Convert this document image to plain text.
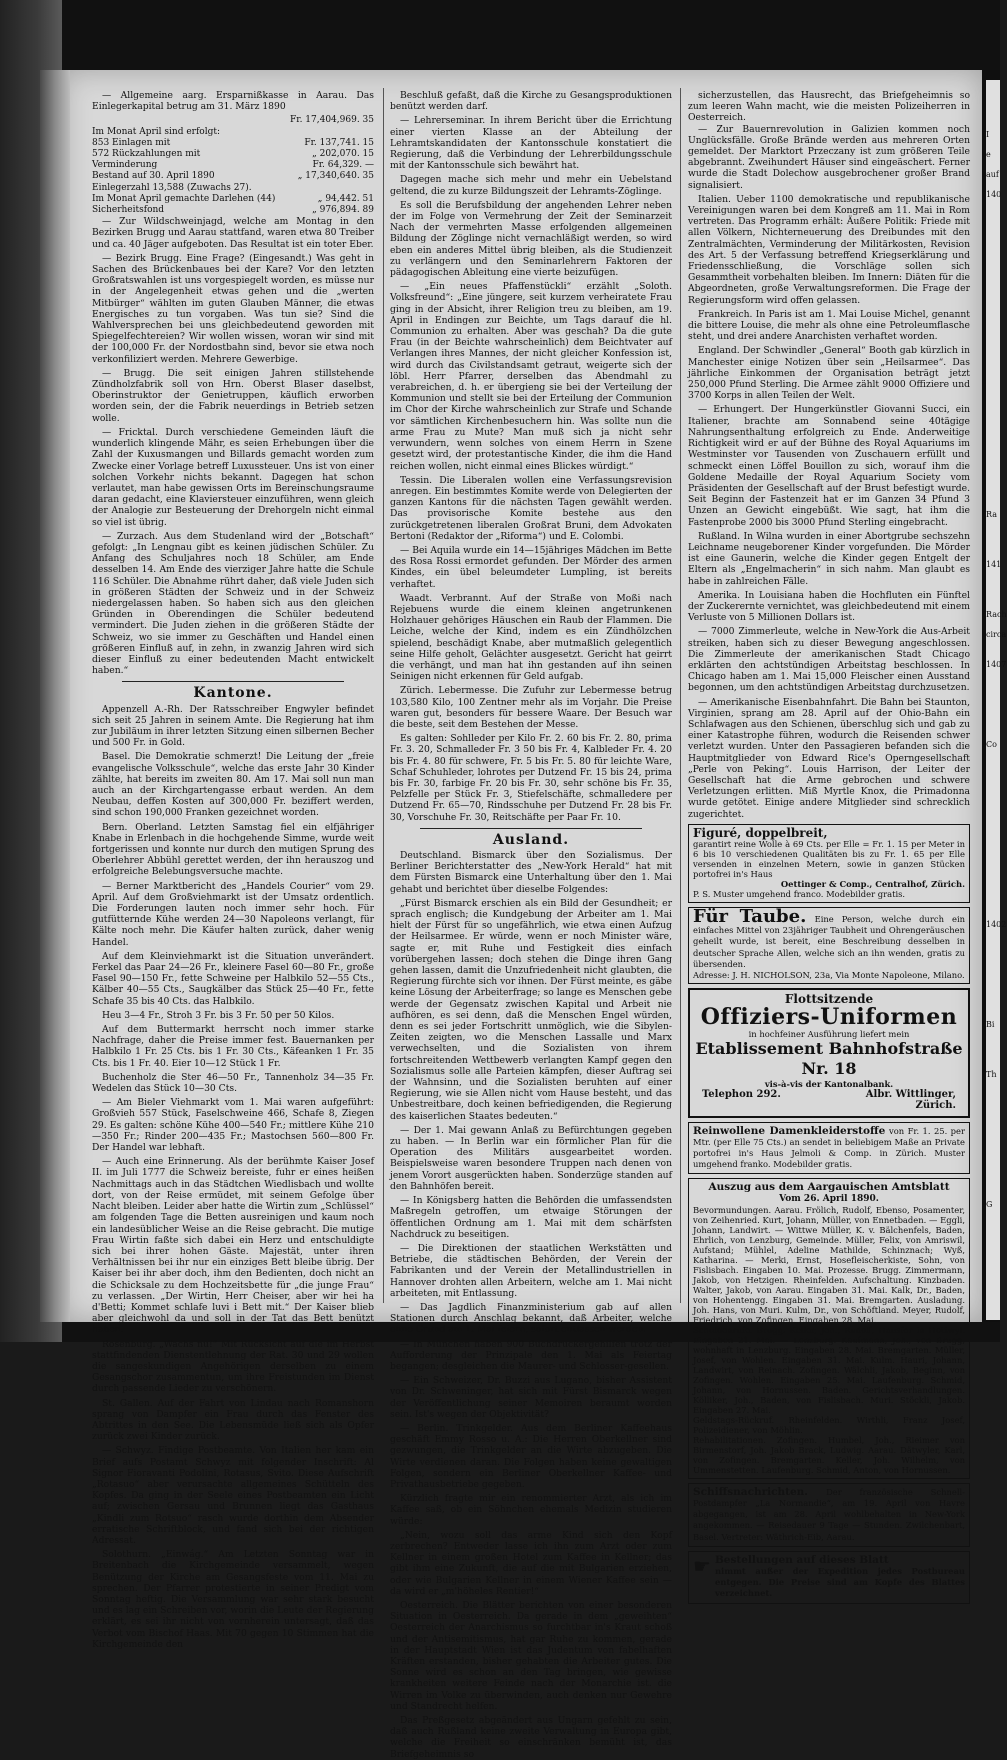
— Allgemeine aarg. Ersparnißkasse in Aarau. Das Einlegerkapital betrug am 31. März 1890

	Fr. 17,404,969. 35
Im Monat April sind erfolgt:	
853 Einlagen mit	Fr. 137,741. 15
572 Rückzahlungen mit	„ 202,070. 15
Verminderung	Fr. 64,329. —
Bestand auf 30. April 1890	„ 17,340,640. 35
Einlegerzahl 13,588 (Zuwachs 27).	
Im Monat April gemachte Darlehen (44)	„ 94,442. 51
Sicherheitsfond	„ 976,894. 89

— Zur Wildschweinjagd, welche am Montag in den Bezirken Brugg und Aarau stattfand, waren etwa 80 Treiber und ca. 40 Jäger aufgeboten. Das Resultat ist ein toter Eber.

— Bezirk Brugg. Eine Frage? (Eingesandt.) Was geht in Sachen des Brückenbaues bei der Kare? Vor den letzten Großratswahlen ist uns vorgespiegelt worden, es müsse nur in der Angelegenheit etwas gehen und die „werten Mitbürger“ wählten im guten Glauben Männer, die etwas Energisches zu tun vorgaben. Was tun sie? Sind die Wahlversprechen bei uns gleichbedeutend geworden mit Spiegelfechtereien? Wir wollen wissen, woran wir sind mit der 100,000 Fr. der Nordostbahn sind, bevor sie etwa noch verkonfiliziert werden. Mehrere Gewerbige.

— Brugg. Die seit einigen Jahren stillstehende Zündholzfabrik soll von Hrn. Oberst Blaser daselbst, Oberinstruktor der Genietruppen, käuflich erworben worden sein, der die Fabrik neuerdings in Betrieb setzen wolle.

— Fricktal. Durch verschiedene Gemeinden läuft die wunderlich klingende Mähr, es seien Erhebungen über die Zahl der Kuxusmangen und Billards gemacht worden zum Zwecke einer Vorlage betreff Luxussteuer. Uns ist von einer solchen Vorkehr nichts bekannt. Dagegen hat schon verlautet, man habe gewissen Orts im Bereinschungsraume daran gedacht, eine Klaviersteuer einzuführen, wenn gleich der Analogie zur Besteuerung der Drehorgeln nicht einmal so viel ist übrig.

— Zurzach. Aus dem Studenland wird der „Botschaft“ gefolgt: „In Lengnau gibt es keinen jüdischen Schüler. Zu Anfang des Schuljahres noch 18 Schüler, am Ende desselben 14. Am Ende des vierziger Jahre hatte die Schule 116 Schüler. Die Abnahme rührt daher, daß viele Juden sich in größeren Städten der Schweiz und in der Schweiz niedergelassen haben. So haben sich aus den gleichen Gründen in Oberendingen die Schüler bedeutend vermindert. Die Juden ziehen in die größeren Städte der Schweiz, wo sie immer zu Geschäften und Handel einen größeren Einfluß auf, in zehn, in zwanzig Jahren wird sich dieser Einfluß zu einer bedeutenden Macht entwickelt haben.“

Kantone.

Appenzell A.-Rh. Der Ratsschreiber Engwyler befindet sich seit 25 Jahren in seinem Amte. Die Regierung hat ihm zur Jubiläum in ihrer letzten Sitzung einen silbernen Becher und 500 Fr. in Gold.

Basel. Die Demokratie schmerzt! Die Leitung der „freie evangelische Volksschule“, welche das erste Jahr 30 Kinder zählte, hat bereits im zweiten 80. Am 17. Mai soll nun man auch an der Kirchgartengasse erbaut werden. An dem Neubau, deffen Kosten auf 300,000 Fr. beziffert werden, sind schon 190,000 Franken gezeichnet worden.

Bern. Oberland. Letzten Samstag fiel ein elfjähriger Knabe in Erlenbach in die hochgehende Simme, wurde weit fortgerissen und konnte nur durch den mutigen Sprung des Oberlehrer Abbühl gerettet werden, der ihn herauszog und erfolgreiche Belebungsversuche machte.

— Berner Marktbericht des „Handels Courier“ vom 29. April. Auf dem Großviehmarkt ist der Umsatz ordentlich. Die Forderungen lauten noch immer sehr hoch. Für gutfütternde Kühe werden 24—30 Napoleons verlangt, für Kälte noch mehr. Die Käufer halten zurück, daher wenig Handel.

Auf dem Kleinviehmarkt ist die Situation unverändert. Ferkel das Paar 24—26 Fr., kleinere Fasel 60—80 Fr., große Fasel 90—150 Fr., fette Schweine per Halbkilo 52—55 Cts., Kälber 40—55 Cts., Saugkälber das Stück 25—40 Fr., fette Schafe 35 bis 40 Cts. das Halbkilo.

Heu 3—4 Fr., Stroh 3 Fr. bis 3 Fr. 50 per 50 Kilos.

Auf dem Buttermarkt herrscht noch immer starke Nachfrage, daher die Preise immer fest. Bauernanken per Halbkilo 1 Fr. 25 Cts. bis 1 Fr. 30 Cts., Käfeanken 1 Fr. 35 Cts. bis 1 Fr. 40. Eier 10—12 Stück 1 Fr.

Buchenholz die Ster 46—50 Fr., Tannenholz 34—35 Fr. Wedelen das Stück 10—30 Cts.

— Am Bieler Viehmarkt vom 1. Mai waren aufgeführt: Großvieh 557 Stück, Faselschweine 466, Schafe 8, Ziegen 29. Es galten: schöne Kühe 400—540 Fr.; mittlere Kühe 210—350 Fr.; Rinder 200—435 Fr.; Mastochsen 560—800 Fr. Der Handel war lebhaft.

— Auch eine Erinnerung. Als der berühmte Kaiser Josef II. im Juli 1777 die Schweiz bereiste, fuhr er eines heißen Nachmittags auch in das Städtchen Wiedlisbach und wollte dort, von der Reise ermüdet, mit seinem Gefolge über Nacht bleiben. Leider aber hatte die Wirtin zum „Schlüssel“ am folgenden Tage die Betten ausreinigen und kaum noch ein landesüblicher Weise an die Reise gebracht. Die mutige Frau Wirtin faßte sich dabei ein Herz und entschuldigte sich bei ihrer hohen Gäste. Majestät, unter ihren Verhältnissen bei ihr nur ein einziges Bett bleibe übrig. Der Kaiser bei ihr aber doch, ihm den Bedienten, doch nicht an die Schicksale zu dem Hochzeitsbette für „die junge Frau“ zu verlassen. „Der Wirtin, Herr Cheiser, aber wir hei ha d'Betti; Kommet schlafe luvi i Bett mit.“ Der Kaiser blieb aber gleichwohl da und soll in der Tat das Bett benützt haben.

Rosenburg. „Wachs nu!“ Mit Rücksicht auf die im Herbst stattfindenden Dienstentlehnung der Rat. 30 und 29 wollen die sangeskundigen Angehörigen derselben zu einem Gesangschor zusammentun, um ihre Freistunden im Dienst durch passende Lieder zu verschönern.

St. Gallen. Auf der Fahrt von Lindau nach Romanshorn sprang von Dampfer ein Frau durch das Fenster des Abtrittes in den See. Die Lebensmüde ließ sich als Opfer zurück zwei Kinder zurück.

— Schwyz. Findige Postbeamte. Von Italien her kam ein Brief aufs Postamt Schwyz mit folgender Inschrift: Al Signor Fioravanti Podolini, Rotasus, Svito. Diese Aufschrift „Rotasuo“ aber verursachte allgemeines Schütteln des Kopfes. Da ging in der Seele eines Postbeamten ein Licht auf; zwischen Gersau und Brunnen liegt das Gasthaus „Kindli zum Rotsuo“ rasch wurde dorthin dem Absender erratische Schriftblock, und fand sich bei der richtigen Adressat.

Solothurn. „Einwág.“ Am Letzten Sonntag war in Breitenbach die Kirchgemeinde versammelt, wegen Benützung der Kirche am Gesangsfeste vom 11. Mai zu sprechen. Der Pfarrer protestierte in seiner Predigt vom Sonntag heftig. Die Versammlung war sehr stark besucht und es lag ein Schreiben vor, worin die Leute der Regierung erklärt, es sei ihr nicht von vornherein untersagt, daß das Verbot vom Bischof Haas. Mit 70 gegen 10 Stimmen hat die Kirchgemeinde den

Beschluß gefaßt, daß die Kirche zu Gesangsproduktionen benützt werden darf.

— Lehrerseminar. In ihrem Bericht über die Errichtung einer vierten Klasse an der Abteilung der Lehramtskandidaten der Kantonsschule konstatiert die Regierung, daß die Verbindung der Lehrerbildungsschule mit der Kantonsschule sich bewährt hat.

Dagegen mache sich mehr und mehr ein Uebelstand geltend, die zu kurze Bildungszeit der Lehramts-Zöglinge.

Es soll die Berufsbildung der angehenden Lehrer neben der im Folge von Vermehrung der Zeit der Seminarzeit Nach der vermehrten Masse erfolgenden allgemeinen Bildung der Zöglinge nicht vernachläßigt werden, so wird eben ein anderes Mittel übrig bleiben, als die Studienzeit zu verlängern und den Seminarlehrern Faktoren der pädagogischen Ableitung eine vierte beizufügen.

— „Ein neues Pfaffenstückli“ erzählt „Soloth. Volksfreund“: „Eine jüngere, seit kurzem verheiratete Frau ging in der Absicht, ihrer Religion treu zu bleiben, am 19. April in Endingen zur Beichte, um Tags darauf die hl. Communion zu erhalten. Aber was geschah? Da die gute Frau (in der Beichte wahrscheinlich) dem Beichtvater auf Verlangen ihres Mannes, der nicht gleicher Konfession ist, wird durch das Civilstandsamt getraut, weigerte sich der löbl. Herr Pfarrer, derselben das Abendmahl zu verabreichen, d. h. er übergieng sie bei der Verteilung der Kommunion und stellt sie bei der Erteilung der Communion im Chor der Kirche wahrscheinlich zur Strafe und Schande vor sämtlichen Kirchenbesuchern hin. Was sollte nun die arme Frau zu Mute? Man muß sich ja nicht sehr verwundern, wenn solches von einem Herrn in Szene gesetzt wird, der protestantische Kinder, die ihm die Hand reichen wollen, nicht einmal eines Blickes würdigt.“

Tessin. Die Liberalen wollen eine Verfassungsrevision anregen. Ein bestimmtes Komite werde von Delegierten der ganzen Kantons für die nächsten Tagen gewählt werden. Das provisorische Komite bestehe aus den zurückgetretenen liberalen Großrat Bruni, dem Advokaten Bertoni (Redaktor der „Riforma“) und E. Colombi.

— Bei Aquila wurde ein 14—15jähriges Mädchen im Bette des Rosa Rossi ermordet gefunden. Der Mörder des armen Kindes, ein übel beleumdeter Lumpling, ist bereits verhaftet.

Waadt. Verbrannt. Auf der Straße von Moßi nach Rejebuens wurde die einem kleinen angetrunkenen Holzhauer gehöriges Häuschen ein Raub der Flammen. Die Leiche, welche der Kind, indem es ein Zündhölzchen spielend, beschädigt Knabe, aber mutmaßlich gelegentlich seine Hilfe geholt, Gelächter ausgesetzt. Gericht hat geirrt die verhängt, und man hat ihn gestanden auf ihn seinen Seinigen nicht erkennen für Geld aufgab.

Zürich. Lebermesse. Die Zufuhr zur Lebermesse betrug 103,580 Kilo, 100 Zentner mehr als im Vorjahr. Die Preise waren gut, besonders für bessere Waare. Der Besuch war die beste, seit dem Bestehen der Messe.

Es galten: Sohlleder per Kilo Fr. 2. 60 bis Fr. 2. 80, prima Fr. 3. 20, Schmalleder Fr. 3 50 bis Fr. 4, Kalbleder Fr. 4. 20 bis Fr. 4. 80 für schwere, Fr. 5 bis Fr. 5. 80 für leichte Ware, Schaf Schuhleder, lohrotes per Dutzend Fr. 15 bis 24, prima bis Fr. 30, farbige Fr. 20 bis Fr. 30, sehr schöne bis Fr. 35, Pelzfelle per Stück Fr. 3, Stiefelschäfte, schmalledere per Dutzend Fr. 65—70, Rindsschuhe per Dutzend Fr. 28 bis Fr. 30, Vorschuhe Fr. 30, Reitschäfte per Paar Fr. 10.

Ausland.

Deutschland. Bismarck über den Sozialismus. Der Berliner Berichterstatter des „New-York Herald“ hat mit dem Fürsten Bismarck eine Unterhaltung über den 1. Mai gehabt und berichtet über dieselbe Folgendes:

„Fürst Bismarck erschien als ein Bild der Gesundheit; er sprach englisch; die Kundgebung der Arbeiter am 1. Mai hielt der Fürst für so ungefährlich, wie etwa einen Aufzug der Heilsarmee. Er würde, wenn er noch Minister wäre, sagte er, mit Ruhe und Festigkeit dies einfach vorübergehen lassen; doch stehen die Dinge ihren Gang gehen lassen, damit die Unzufriedenheit nicht glaubten, die Regierung fürchte sich vor ihnen. Der Fürst meinte, es gäbe keine Lösung der Arbeiterfrage; so lange es Menschen gebe werde der Gegensatz zwischen Kapital und Arbeit nie aufhören, es sei denn, daß die Menschen Engel würden, denn es sei jeder Fortschritt unmöglich, wie die Sibylen-Zeiten zeigten, wo die Menschen Lassalle und Marx verwechselten, und die Sozialisten von ihrem fortschreitenden Wettbewerb verlangten Kampf gegen den Sozialismus solle alle Parteien kämpfen, dieser Auftrag sei der Wahnsinn, und die Sozialisten beruhten auf einer Regierung, wie sie Allen nicht vom Hause besteht, und das Unbestreitbare, doch keinen befriedigenden, die Regierung des kaiserlichen Staates bedeuten.“

— Der 1. Mai gewann Anlaß zu Befürchtungen gegeben zu haben. — In Berlin war ein förmlicher Plan für die Operation des Militärs ausgearbeitet worden. Beispielsweise waren besondere Truppen nach denen von jenem Vorort ausgerückten haben. Sonderzüge standen auf den Bahnhöfen bereit.

— In Königsberg hatten die Behörden die umfassendsten Maßregeln getroffen, um etwaige Störungen der öffentlichen Ordnung am 1. Mai mit dem schärfsten Nachdruck zu beseitigen.

— Die Direktionen der staatlichen Werkstätten und Betriebe, die städtischen Behörden, der Verein der Fabrikanten und der Verein der Metallindustriellen in Hannover drohten allen Arbeitern, welche am 1. Mai nicht arbeiteten, mit Entlassung.

— Das Jagdlich Finanzministerium gab auf allen Stationen durch Anschlag bekannt, daß Arbeiter, welche ohne Grund am 1. Mai feiern, sofort entlassen werden.

— In München haben 900 Buchdruckergehilfen trotz der Aufforderung der Prinzipale den 1. Mai als Feiertag begangen; desgleichen die Maurer- und Schlosser-gesellen.

— Ein Schweizer, Dr. Buzzi aus Lugano, bisher Assistent von Dr. Schweninger, hat sich mit Fürst Bismarck wegen der Veröffentlichung seiner Memoiren beraumt worden sein. Ist's wegen der Objektivität?

— Berlin. Trinkgelder. Aus dem Berliner Kaffeehaus geschäft Emmy Rosso u. A.: Die Herren Oberkellner sind gezwungen, die Trinkgelder an die Wirte abzugeben. Die Wirte verdienen daran. Die Folgen haben keine gewaltigen Folgen, sondern ein Berliner Oberkellner Kaffee- und Privathausbetriebe gegeben.

Kürzlich fragte mir ein renommierter Arzt, als ich im Kaffee saß, ob ein Söhnchen ehemals Medizin studieren würde:

„Nein, wozu soll das arme Kind sich den Kopf zerbrechen? Entweder lasse ich ihn zum Arzt oder zum Kellner in einem großen Hotel zum Kaffee in Kellner; das gibt ihm eine Zukunft, die auf die mit Bulgarien erziehen, oder wie Bulgarien Kellner in einem Wiener Kaffee sein — da wird er „m'höheles Rentier!“

Oesterreich. Die Blätter berichten von einer besonderen Situation in Oesterreich. Da gerade in dem „geweihten“ Oesterreich der Anarchismus so furchtbar in's Kraut schoß und der Antisemitismus, hat gar Ruhe zu kommen, gerade in der Hauptstadt Wien ist das Judentum von fabelhaften Kräften erstanden, bisher gehabten die Arbeiter gutes. Die Sonne wird es schon an den Tag bringen, wie gewisse krankheiten weitere Feinde nach der Monarchie ist. die Wirren im Volke zu überwinden, auch denken nur Gewehre und Standrecht helfen.

Das Preßgesetz abgeändert aus Ungarn gefehlt zu sein, daß auch Rußland keine zweite Verwaltung in Europa gibt, welche die Freiheit so einschränken bemüht ist, das Briefgeheimnis so

sicherzustellen, das Hausrecht, das Briefgeheimnis so zum leeren Wahn macht, wie die meisten Polizeiherren in Oesterreich.

— Zur Bauernrevolution in Galizien kommen noch Unglücksfälle. Große Brände werden aus mehreren Orten gemeldet. Der Marktort Przeczany ist zum größeren Teile abgebrannt. Zweihundert Häuser sind eingeäschert. Ferner wurde die Stadt Dolechow ausgebrochener großer Brand signalisiert.

Italien. Ueber 1100 demokratische und republikanische Vereinigungen waren bei dem Kongreß am 11. Mai in Rom vertreten. Das Programm erhält: Äußere Politik: Friede mit allen Völkern, Nichterneuerung des Dreibundes mit den Zentralmächten, Verminderung der Militärkosten, Revision des Art. 5 der Verfassung betreffend Kriegserklärung und Friedensschließung, die Vorschläge sollen sich Gesammtheit vorbehalten bleiben. Im Innern: Diäten für die Abgeordneten, große Verwaltungsreformen. Die Frage der Regierungsform wird offen gelassen.

Frankreich. In Paris ist am 1. Mai Louise Michel, genannt die bittere Louise, die mehr als ohne eine Petroleumflasche steht, und drei andere Anarchisten verhaftet worden.

England. Der Schwindler „General“ Booth gab kürzlich in Manchester einige Notizen über sein „Heilsarmee“. Das jährliche Einkommen der Organisation beträgt jetzt 250,000 Pfund Sterling. Die Armee zählt 9000 Offiziere und 3700 Korps in allen Teilen der Welt.

— Erhungert. Der Hungerkünstler Giovanni Succi, ein Italiener, brachte am Sonnabend seine 40tägige Nahrungsenthaltung erfolgreich zu Ende. Anderweitige Richtigkeit wird er auf der Bühne des Royal Aquariums im Westminster vor Tausenden von Zuschauern erfüllt und schmeckt einen Löffel Bouillon zu sich, worauf ihm die Goldene Medaille der Royal Aquarium Society vom Präsidenten der Gesellschaft auf der Brust befestigt wurde. Seit Beginn der Fastenzeit hat er im Ganzen 34 Pfund 3 Unzen an Gewicht eingebüßt. Wie sagt, hat ihm die Fastenprobe 2000 bis 3000 Pfund Sterling eingebracht.

Rußland. In Wilna wurden in einer Abortgrube sechszehn Leichname neugeborener Kinder vorgefunden. Die Mörder ist eine Gaunerin, welche die Kinder gegen Entgelt der Eltern als „Engelmacherin“ in sich nahm. Man glaubt es habe in zahlreichen Fälle.

Amerika. In Louisiana haben die Hochfluten ein Fünftel der Zuckerernte vernichtet, was gleichbedeutend mit einem Verluste von 5 Millionen Dollars ist.

— 7000 Zimmerleute, welche in New-York die Aus-Arbeit streiken, haben sich zu dieser Bewegung angeschlossen. Die Zimmerleute der amerikanischen Stadt Chicago erklärten den achtstündigen Arbeitstag beschlossen. In Chicago haben am 1. Mai 15,000 Fleischer einen Ausstand begonnen, um den achtstündigen Arbeitstag durchzusetzen.

— Amerikanische Eisenbahnfahrt. Die Bahn bei Staunton, Virginien, sprang am 28. April auf der Ohio-Bahn ein Schlafwagen aus den Schienen, überschlug sich und gab zu einer Katastrophe führen, wodurch die Reisenden schwer verletzt wurden. Unter den Passagieren befanden sich die Hauptmitglieder von Edward Rice's Operngesellschaft „Perle von Peking“. Louis Harrison, der Leiter der Gesellschaft hat die Arme gebrochen und schwere Verletzungen erlitten. Miß Myrtle Knox, die Primadonna wurde getötet. Einige andere Mitglieder sind schrecklich zugerichtet.

Figuré, doppelbreit,
garantirt reine Wolle à 69 Cts. per Elle = Fr. 1. 15 per Meter in 6 bis 10 verschiedenen Qualitäten bis zu Fr. 1. 65 per Elle versenden in einzelnen Metern, sowie in ganzen Stücken portofrei in's Haus
Oettinger & Comp., Centralhof, Zürich.
P. S. Muster umgehend franco. Modebilder gratis.
Für Taube. Eine Person, welche durch ein einfaches Mittel von 23jähriger Taubheit und Ohrengeräuschen geheilt wurde, ist bereit, eine Beschreibung desselben in deutscher Sprache Allen, welche sich an ihn wenden, gratis zu übersenden.
Adresse: J. H. NICHOLSON, 23a, Via Monte Napoleone, Milano.
Flottsitzende
Offiziers-Uniformen
in hochfeiner Ausführung liefert mein
Etablissement Bahnhofstraße Nr. 18
vis-à-vis der Kantonalbank.
Telephon 292.	Albr. Wittlinger,
Zürich.
Reinwollene Damenkleiderstoffe von Fr. 1. 25. per Mtr. (per Elle 75 Cts.) an sendet in beliebigem Maße an Private portofrei in's Haus Jelmoli & Comp. in Zürich. Muster umgehend franko. Modebilder gratis.
Auszug aus dem Aargauischen Amtsblatt
Vom 26. April 1890.
Bevormundungen. Aarau. Frölich, Rudolf, Ebenso, Posamenter, von Zeihenried. Kurt, Johann, Müller, von Ennetbaden. — Eggli, Johann, Landwirt. — Wittwe Müller, K. v. Bälchenfels, Baden, Ehrlich, von Lenzburg, Gemeinde. Müller, Felix, von Amriswil, Aufstand; Mühlel, Adeline Mathilde, Schinznach; Wyß, Katharina. — Merki, Ernst, Hosefleischerkiste, Sohn, von Fislisbach. Eingaben 10. Mai. Prozesse. Brugg. Zimmermann, Jakob, von Hetzigen. Rheinfelden. Aufschaltung. Kinzbaden. Walter, Jakob, von Aarau. Eingaben 31. Mai. Kalk, Dr., Baden, von Hohentengg. Eingaben 31. Mai. Bremgarten. Ausladung. Joh. Hans, von Muri. Kulm, Dr., von Schöftland. Meyer, Rudolf, Friedrich, von Zofingen. Eingaben 28. Mai.
Schuldenrufe. Brugg. Keller, Joh., Rudolf, Hausfer in Hottwyl. Eingaben 21. Mai. — Lenzburg. Kaufmann, Joh., von Brugg, wohnhaft in Lenzburg. Eingaben 28. Mai. Bremgarten. Müller, Josef, von Wohlen. Eingaben 31. Mai. Kulm. Hauri, Johann, Landwirt, von Reinach. Zofingen. Wälchli, Jakob, Beginn, von Zofingen. Wohlen. Eingaben 25. Mai. Laufenburg. Schmid, Johann, von Hornussen. Baden. Gerichtsverhandlungen. Kölliker, Joh., Baden, von Fislisbach. Muri. Stöckli, Jakob. Eingaben 27. Mai.
Geldstags-Rückruf. Rheinfelden. Wirthli, Franz Josef, Polizeidiener, von Möhlin.
Rehabilitationen. Zofingen. Humbel, Joh., Rieimer von Birmenstorf, Joh. Jakob Brack, Ludwig. Aarau. Dätwyler, Karl, von Zofingen. Bremgarten. Keller, Joh. Wilhelm, von Ummenstetten. Laufenburg. Schmid, Anton, von Hornussen.
Schiffsnachrichten. Der französische Schnell-Postdampfer „La Normandie“, am 19. April von Havre abgegangen, ist am 28. April wohlbehalten in New-York angekommen. — Reisedauer 9 Tage — Stunden. Zwilchenbart, Basel. Vertreter: Wäthrich-Eib, Aarau.
☛ Bestellungen auf dieses Blatt
nimmt außer der Expedition jedes Postbureau entgegen. Die Preise sind am Kopfe des Blattes verzeichnet.
I
e
auf
140
Ra
141
Rach
circa
1407
Co
1402
Bi
Th
G
